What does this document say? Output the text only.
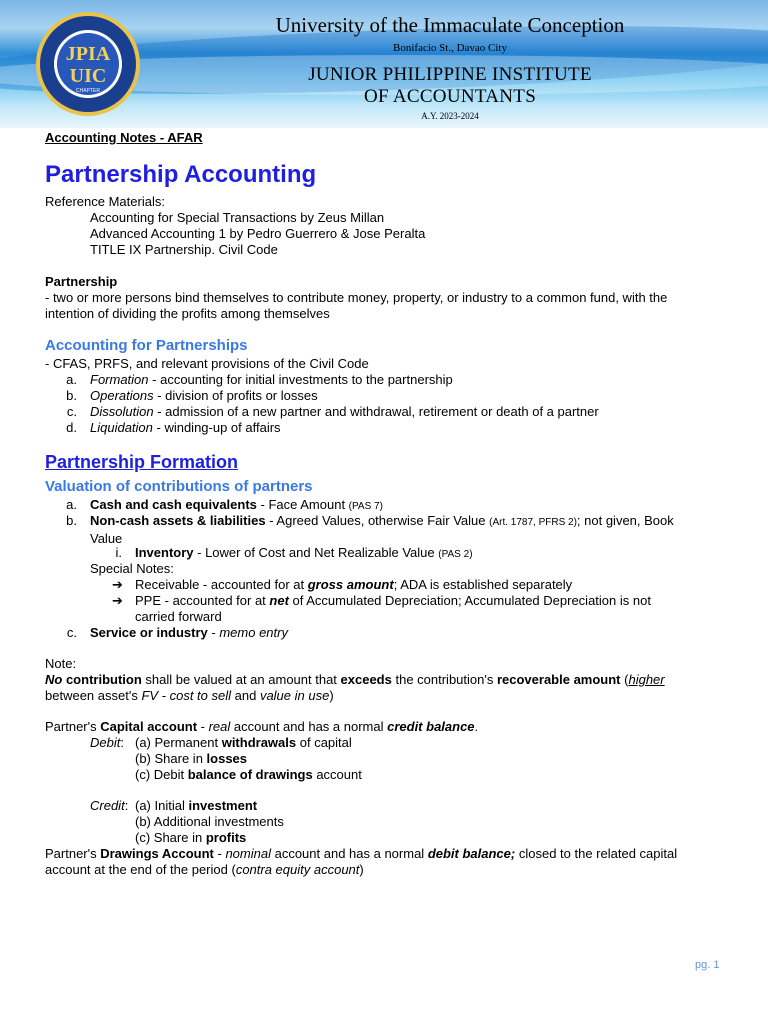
JPIA
UIC
CHAPTER
University of the Immaculate Conception
Bonifacio St., Davao City
JUNIOR PHILIPPINE INSTITUTE
OF ACCOUNTANTS
A.Y. 2023-2024
Accounting Notes - AFAR
Partnership Accounting
Reference Materials:
Accounting for Special Transactions by Zeus Millan
Advanced Accounting 1 by Pedro Guerrero & Jose Peralta
TITLE IX Partnership. Civil Code
Partnership
- two or more persons bind themselves to contribute money, property, or industry to a common fund, with the
intention of dividing the profits among themselves
Accounting for Partnerships
- CFAS, PRFS, and relevant provisions of the Civil Code
a. Formation - accounting for initial investments to the partnership
b. Operations - division of profits or losses
c. Dissolution - admission of a new partner and withdrawal, retirement or death of a partner
d. Liquidation - winding-up of affairs
Partnership Formation
Valuation of contributions of partners
a. Cash and cash equivalents - Face Amount (PAS 7)
b. Non-cash assets & liabilities - Agreed Values, otherwise Fair Value (Art. 1787, PFRS 2); not given, Book
Value
i. Inventory - Lower of Cost and Net Realizable Value (PAS 2)
Special Notes:
➔ Receivable - accounted for at gross amount; ADA is established separately
➔ PPE - accounted for at net of Accumulated Depreciation; Accumulated Depreciation is not
carried forward
c. Service or industry - memo entry
Note:
No contribution shall be valued at an amount that exceeds the contribution's recoverable amount (higher
between asset's FV - cost to sell and value in use)
Partner's Capital account - real account and has a normal credit balance.
Debit: (a) Permanent withdrawals of capital
(b) Share in losses
(c) Debit balance of drawings account
Credit: (a) Initial investment
(b) Additional investments
(c) Share in profits
Partner's Drawings Account - nominal account and has a normal debit balance; closed to the related capital
account at the end of the period (contra equity account)
pg. 1
